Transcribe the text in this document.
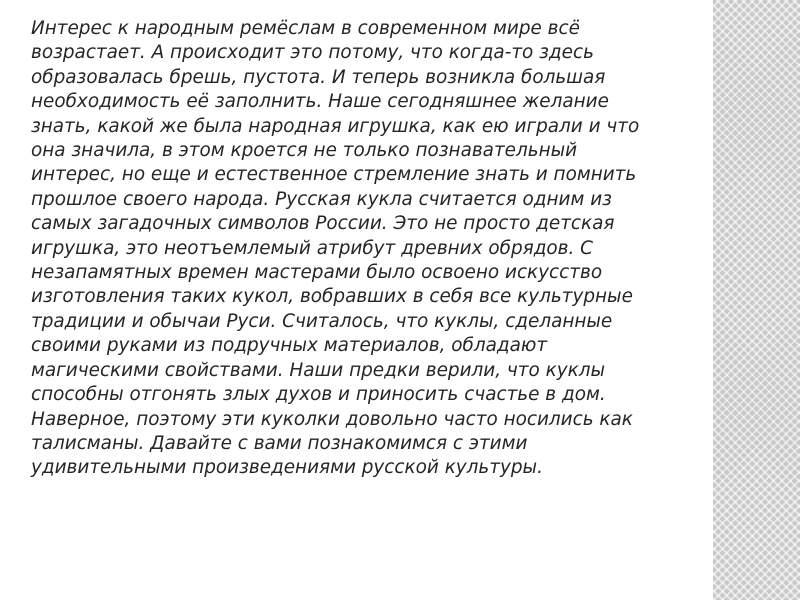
Интерес к народным ремёслам в современном мире всё
возрастает. А происходит это потому, что когда-то здесь
образовалась брешь, пустота. И теперь возникла большая
необходимость её заполнить. Наше сегодняшнее желание
знать, какой же была народная игрушка, как ею играли и что
она значила, в этом кроется не только познавательный
интерес, но еще и естественное стремление знать и помнить
прошлое своего народа. Русская кукла считается одним из
самых загадочных символов России. Это не просто детская
игрушка, это неотъемлемый атрибут древних обрядов. С
незапамятных времен мастерами было освоено искусство
изготовления таких кукол, вобравших в себя все культурные
традиции и обычаи Руси. Считалось, что куклы, сделанные
своими руками из подручных материалов, обладают
магическими свойствами. Наши предки верили, что куклы
способны отгонять злых духов и приносить счастье в дом.
Наверное, поэтому эти куколки довольно часто носились как
талисманы. Давайте с вами познакомимся с этими
удивительными произведениями русской культуры.
